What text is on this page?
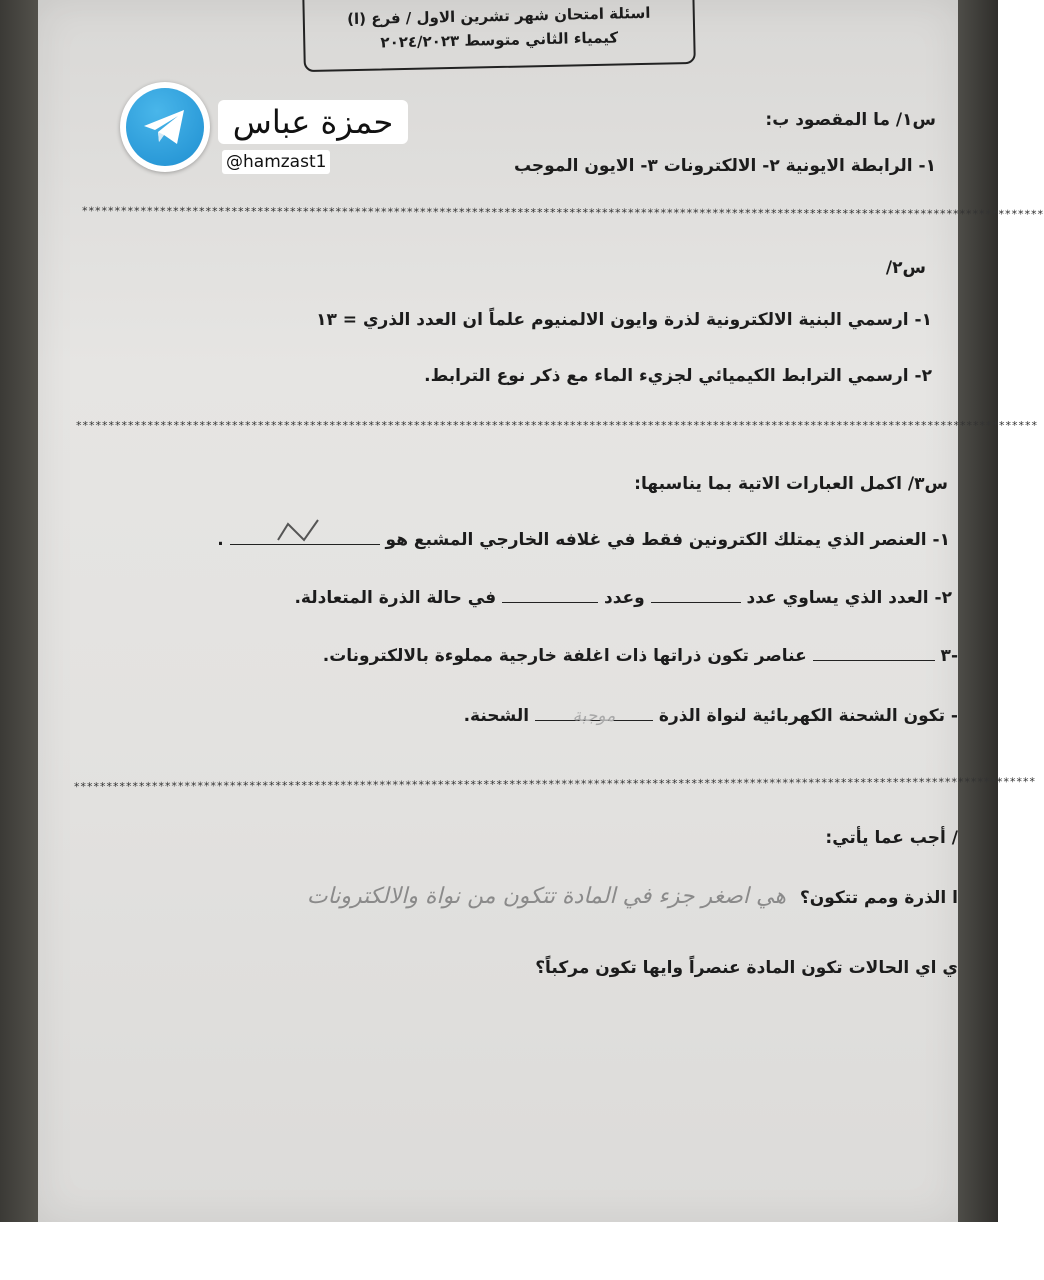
اسئلة امتحان شهر تشرين الاول / فرع (ا)
كيمياء الثاني متوسط ٢٠٢٤/٢٠٢٣
س١/ ما المقصود ب:
١- الرابطة الايونية ٢- الالكترونات ٣- الايون الموجب
****************************************************************************************************************************************************
س٢/
١- ارسمي البنية الالكترونية لذرة وايون الالمنيوم علماً ان العدد الذري = ١٣
٢- ارسمي الترابط الكيميائي لجزيء الماء مع ذكر نوع الترابط.
****************************************************************************************************************************************************
س٣/ اكمل العبارات الاتية بما يناسبها:
١- العنصر الذي يمتلك الكترونين فقط في غلافه الخارجي المشبع هو
.
٢- العدد الذي يساوي عدد  وعدد  في حالة الذرة المتعادلة.
-٣  عناصر تكون ذراتها ذات اغلفة خارجية مملوءة بالالكترونات.
- تكون الشحنة الكهربائية لنواة الذرة موجبة الشحنة.
****************************************************************************************************************************************************
/ أجب عما يأتي:
ا الذرة ومم تتكون؟ هي اصغر جزء في المادة تتكون من نواة والالكترونات
ي اي الحالات تكون المادة عنصراً وايها تكون مركباً؟
حمزة عباس
@hamzast1
